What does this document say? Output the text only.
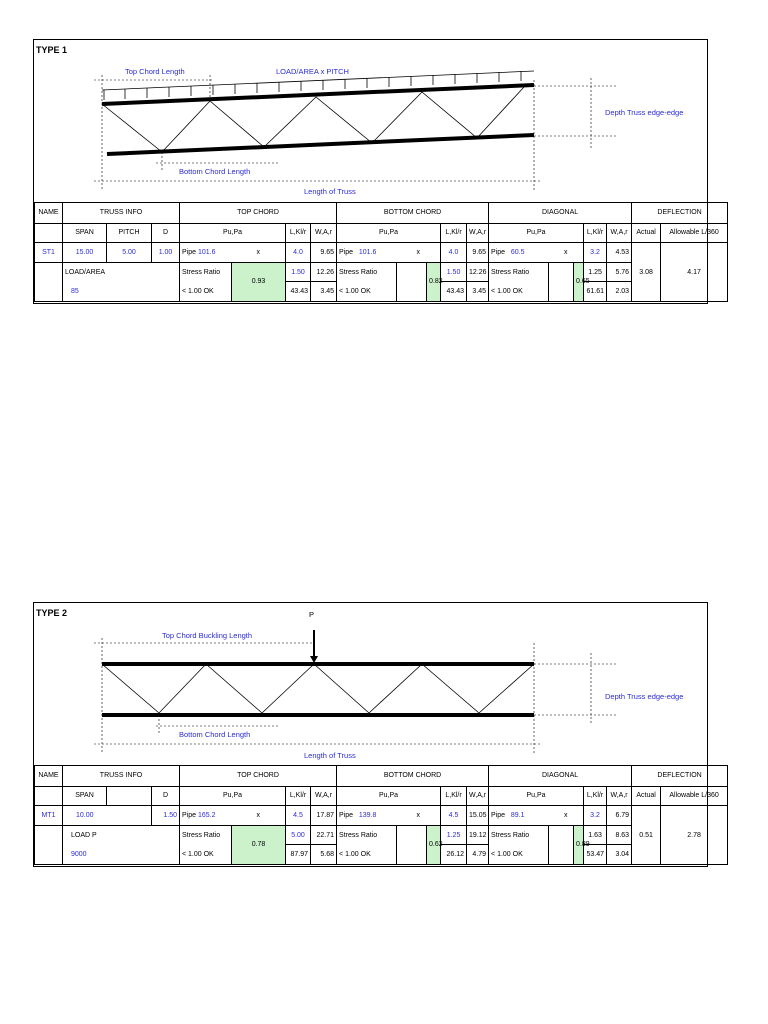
TYPE 1
Top Chord Length	LOAD/AREA x PITCH
Depth Truss edge-edge
Bottom Chord Length
Length of Truss
NAME	TRUSS INFO			TOP CHORD				BOTTOM CHORD					DIAGONAL					DEFLECTION	
	SPAN	PITCH	D	Pu,Pa		L,Kl/r	W,A,r	Pu,Pa			L,Kl/r	W,A,r	Pu,Pa			L,Kl/r	W,A,r	Actual	Allowable L/360
ST1	15.00	5.00	1.00	Pipe 101.6	x	4.0	9.65	Pipe 101.6	x		4.0	9.65	Pipe 60.5	x		3.2	4.53		
	LOAD/AREA			Stress Ratio	0.93	1.50	12.26	Stress Ratio		0.82	1.50	12.26	Stress Ratio		0.65	1.25	5.76	3.08	4.17
	85			< 1.00 OK		43.43	3.45	< 1.00 OK			43.43	3.45	< 1.00 OK			61.61	2.03		
TYPE 2	P
Top Chord Buckling Length
Depth Truss edge-edge
Bottom Chord Length
Length of Truss
NAME	TRUSS INFO			TOP CHORD				BOTTOM CHORD					DIAGONAL					DEFLECTION	
	SPAN		D	Pu,Pa		L,Kl/r	W,A,r	Pu,Pa			L,Kl/r	W,A,r	Pu,Pa			L,Kl/r	W,A,r	Actual	Allowable L/360
MT1	10.00		1.50	Pipe 165.2	x	4.5	17.87	Pipe 139.8	x		4.5	15.05	Pipe 89.1	x		3.2	6.79		
	LOAD P			Stress Ratio	0.78	5.00	22.71	Stress Ratio		0.62	1.25	19.12	Stress Ratio		0.89	1.63	8.63	0.51	2.78
	9000			< 1.00 OK		87.97	5.68	< 1.00 OK			26.12	4.79	< 1.00 OK			53.47	3.04		
